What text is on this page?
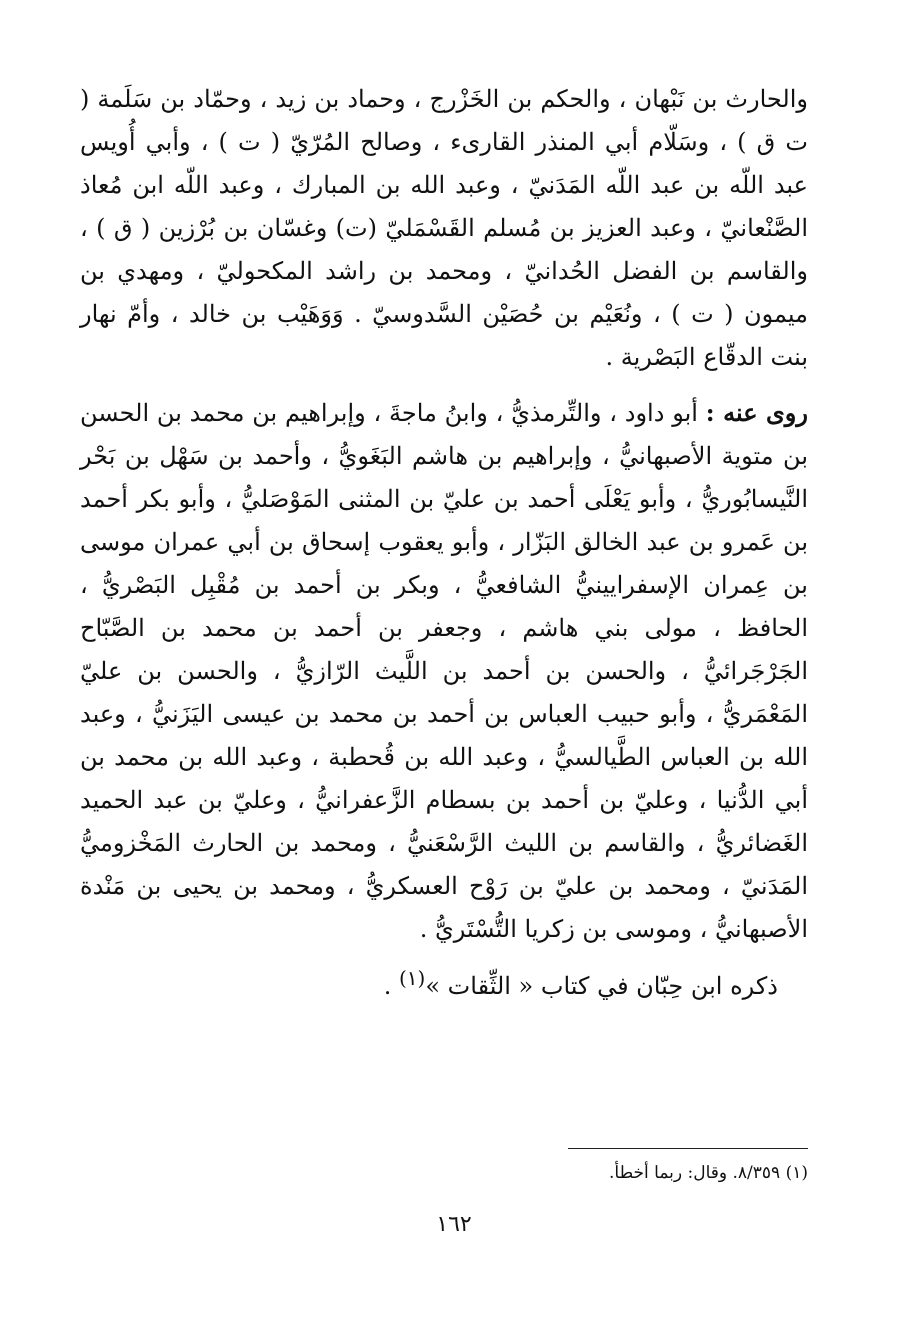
والحارث بن نَبْهان ، والحكم بن الخَزْرج ، وحماد بن زيد ، وحمّاد بن سَلَمة ( ت ق ) ، وسَلّام أبي المنذر القارىء ، وصالح المُرّيّ ( ت ) ، وأبي أُويس عبد اللّه بن عبد اللّه المَدَنيّ ، وعبد الله بن المبارك ، وعبد اللّه ابن مُعاذ الصَّنْعانيّ ، وعبد العزيز بن مُسلم القَسْمَليّ (ت) وغسّان بن بُرْزين ( ق ) ، والقاسم بن الفضل الحُدانيّ ، ومحمد بن راشد المكحوليّ ، ومهدي بن ميمون ( ت ) ، ونُعَيْم بن حُصَيْن السَّدوسيّ . وَوَهَيْب بن خالد ، وأمّ نهار بنت الدقّاع البَصْرية .

روى عنه : أبو داود ، والتِّرمذيُّ ، وابنُ ماجةَ ، وإبراهيم بن محمد بن الحسن بن متوية الأصبهانيُّ ، وإبراهيم بن هاشم البَغَويُّ ، وأحمد بن سَهْل بن بَحْر النَّيسابُوريُّ ، وأبو يَعْلَى أحمد بن عليّ بن المثنى المَوْصَليُّ ، وأبو بكر أحمد بن عَمرو بن عبد الخالق البَزّار ، وأبو يعقوب إسحاق بن أبي عمران موسى بن عِمران الإسفرايينيُّ الشافعيُّ ، وبكر بن أحمد بن مُقْبِل البَصْريُّ ، الحافظ ، مولى بني هاشم ، وجعفر بن أحمد بن محمد بن الصَّبّاح الجَرْجَرائيُّ ، والحسن بن أحمد بن اللَّيث الرّازيُّ ، والحسن بن عليّ المَعْمَريُّ ، وأبو حبيب العباس بن أحمد بن محمد بن عيسى اليَزَنيُّ ، وعبد الله بن العباس الطَّيالسيُّ ، وعبد الله بن قُحطبة ، وعبد الله بن محمد بن أبي الدُّنيا ، وعليّ بن أحمد بن بسطام الزَّعفرانيُّ ، وعليّ بن عبد الحميد الغَضائريُّ ، والقاسم بن الليث الرَّسْعَنيُّ ، ومحمد بن الحارث المَخْزوميُّ المَدَنيّ ، ومحمد بن عليّ بن رَوْح العسكريُّ ، ومحمد بن يحيى بن مَنْدة الأصبهانيُّ ، وموسى بن زكريا التُّسْتَريُّ .

ذكره ابن حِبّان في كتاب « الثِّقات »$^{(١)}$ .

(١) ٨/٣٥٩. وقال: ربما أخطأ.
١٦٢
